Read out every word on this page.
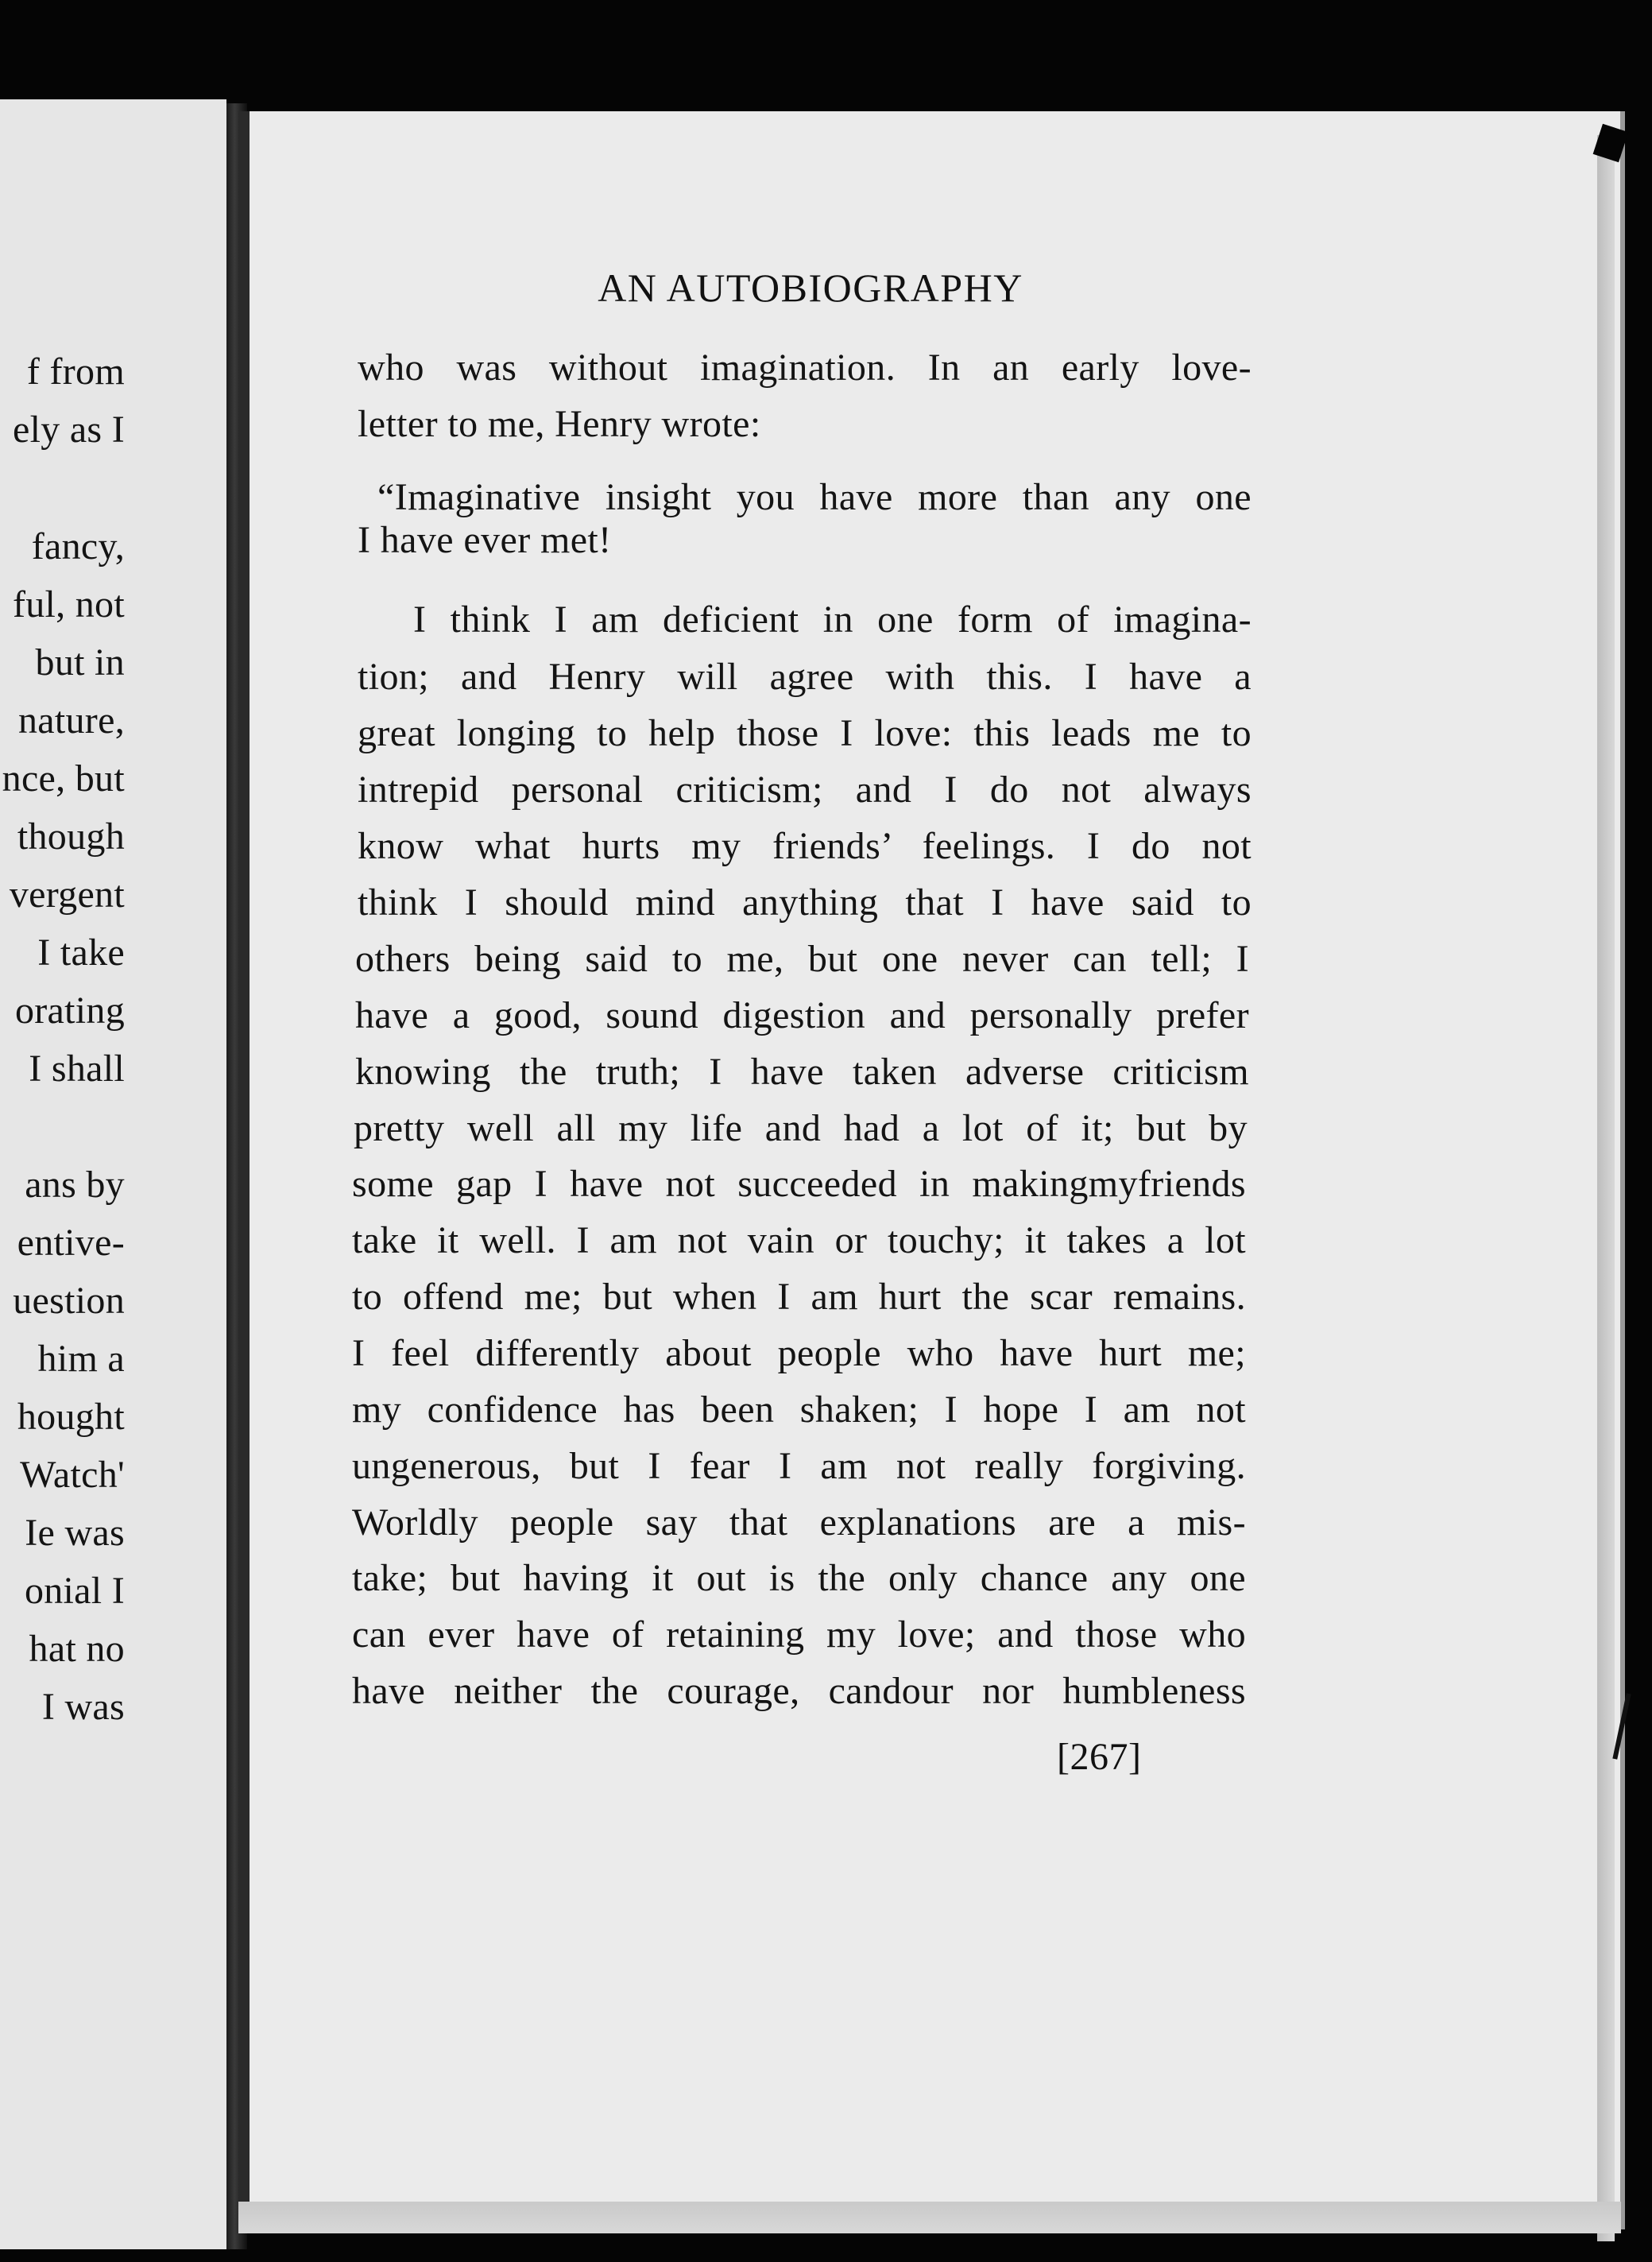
f from
ely as I
fancy,
ful, not
but in
nature,
nce, but
though
vergent
I take
orating
I shall
ans by
entive-
uestion
him a
hought
Watch'
Ie was
onial I
hat no
I was
AN AUTOBIOGRAPHY
who was without imagination. In an early love-
letter to me, Henry wrote:
“Imaginative insight you have more than any one
I have ever met!
I think I am deficient in one form of imagina-
tion; and Henry will agree with this. I have a
great longing to help those I love: this leads me to
intrepid personal criticism; and I do not always
know what hurts my friends’ feelings. I do not
think I should mind anything that I have said to
others being said to me, but one never can tell; I
have a good, sound digestion and personally prefer
knowing the truth; I have taken adverse criticism
pretty well all my life and had a lot of it; but by
some gap I have not succeeded in makingmyfriends
take it well. I am not vain or touchy; it takes a lot
to offend me; but when I am hurt the scar remains.
I feel differently about people who have hurt me;
my confidence has been shaken; I hope I am not
ungenerous, but I fear I am not really forgiving.
Worldly people say that explanations are a mis-
take; but having it out is the only chance any one
can ever have of retaining my love; and those who
have neither the courage, candour nor humbleness
[267]
